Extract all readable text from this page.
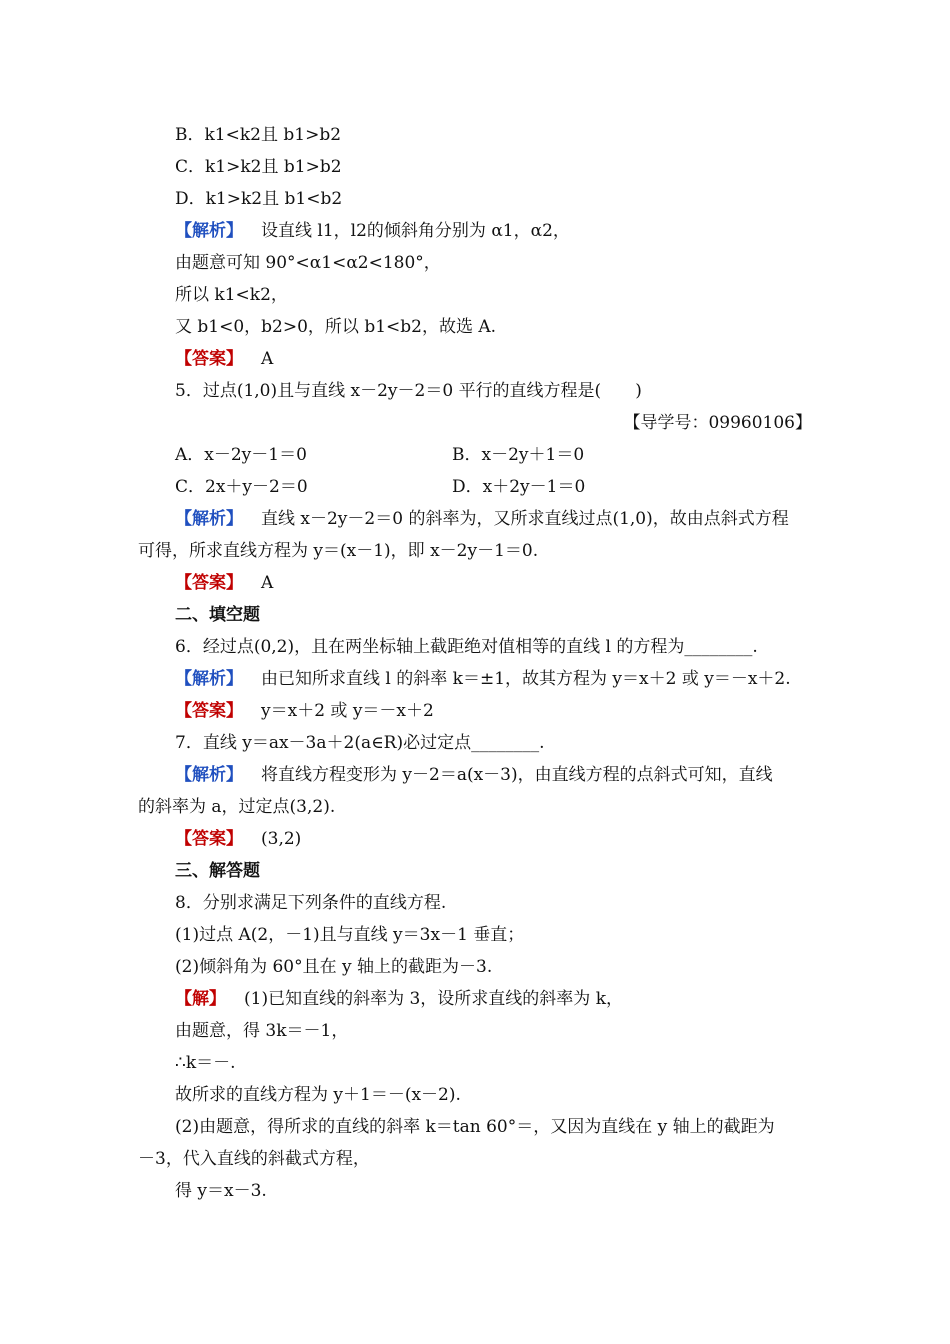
B．k1<k2且 b1>b2
C．k1>k2且 b1>b2
D．k1>k2且 b1<b2
【解析】 设直线 l1，l2的倾斜角分别为 α1，α2，
由题意可知 90°<α1<α2<180°，
所以 k1<k2，
又 b1<0，b2>0，所以 b1<b2，故选 A.
【答案】 A
5．过点(1,0)且与直线 x－2y－2＝0 平行的直线方程是(　　)
【导学号：09960106】
A．x－2y－1＝0	B．x－2y＋1＝0
C．2x＋y－2＝0	D．x＋2y－1＝0
【解析】 直线 x－2y－2＝0 的斜率为，又所求直线过点(1,0)，故由点斜式方程
可得，所求直线方程为 y＝(x－1)，即 x－2y－1＝0.
【答案】 A
二、填空题
6．经过点(0,2)，且在两坐标轴上截距绝对值相等的直线 l 的方程为________.
【解析】 由已知所求直线 l 的斜率 k＝±1，故其方程为 y＝x＋2 或 y＝－x＋2.
【答案】 y＝x＋2 或 y＝－x＋2
7．直线 y＝ax－3a＋2(a∈R)必过定点________.
【解析】 将直线方程变形为 y－2＝a(x－3)，由直线方程的点斜式可知，直线
的斜率为 a，过定点(3,2).
【答案】 (3,2)
三、解答题
8．分别求满足下列条件的直线方程.
(1)过点 A(2，－1)且与直线 y＝3x－1 垂直；
(2)倾斜角为 60°且在 y 轴上的截距为－3.
【解】 (1)已知直线的斜率为 3，设所求直线的斜率为 k，
由题意，得 3k＝－1，
∴k＝－.
故所求的直线方程为 y＋1＝－(x－2).
(2)由题意，得所求的直线的斜率 k＝tan 60°＝，又因为直线在 y 轴上的截距为
－3，代入直线的斜截式方程，
得 y＝x－3.
